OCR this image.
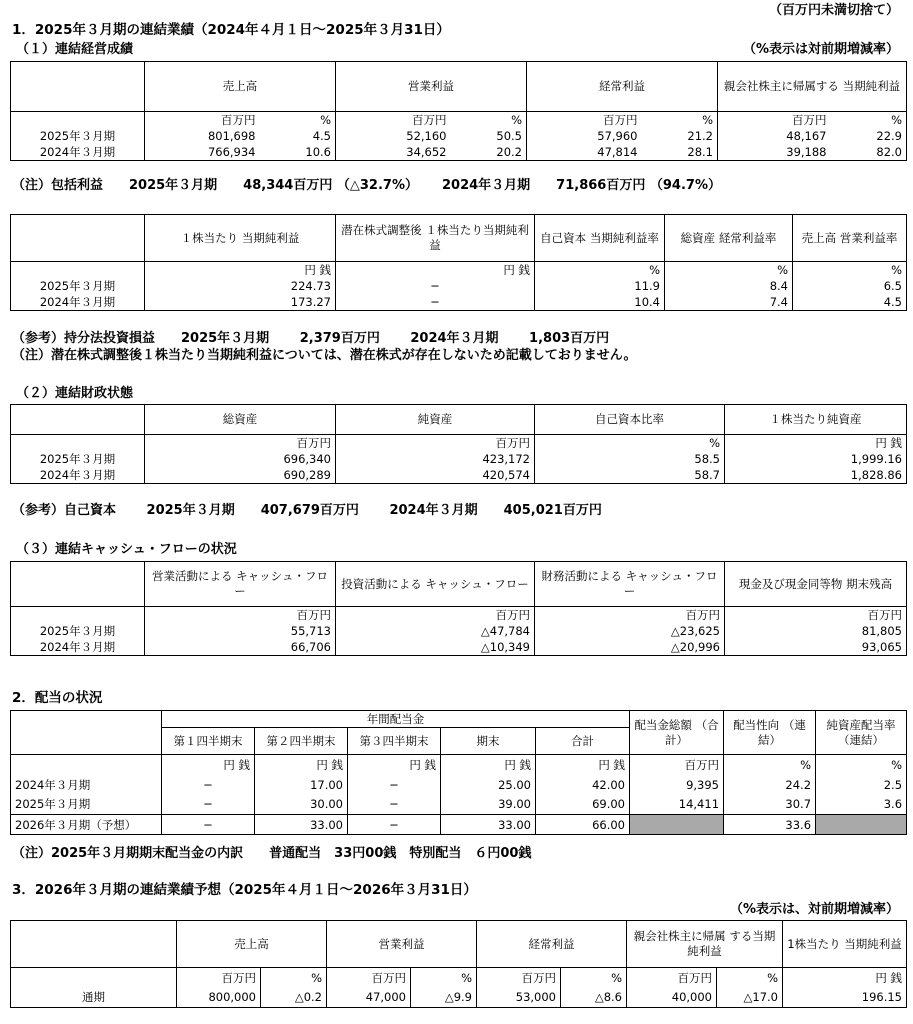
（百万円未満切捨て）
1．2025年３月期の連結業績（2024年４月１日～2025年３月31日）
（１）連結経営成績	（%表示は対前期増減率）
	売上高		営業利益		経常利益		親会社株主に帰属する 当期純利益	
	百万円	%	百万円	%	百万円	%	百万円	%
2025年３月期	801,698	4.5	52,160	50.5	57,960	21.2	48,167	22.9
2024年３月期	766,934	10.6	34,652	20.2	47,814	28.1	39,188	82.0
（注）包括利益　　2025年３月期　　48,344百万円 （△32.7%）　　 2024年３月期　　71,866百万円 （94.7%）
	１株当たり 当期純利益	潜在株式調整後 １株当たり当期純利益	自己資本 当期純利益率	総資産 経常利益率	売上高 営業利益率
	円 銭	円 銭	%	%	%
2025年３月期	224.73	─	11.9	8.4	6.5
2024年３月期	173.27	─	10.4	7.4	4.5
（参考）持分法投資損益　　2025年３月期　　 2,379百万円　　 2024年３月期　　 1,803百万円
（注）潜在株式調整後１株当たり当期純利益については、潜在株式が存在しないため記載しておりません。
（２）連結財政状態
	総資産	純資産	自己資本比率	１株当たり純資産
	百万円	百万円	%	円 銭
2025年３月期	696,340	423,172	58.5	1,999.16
2024年３月期	690,289	420,574	58.7	1,828.86
（参考）自己資本　　 2025年３月期　　407,679百万円　　 2024年３月期　　405,021百万円
（３）連結キャッシュ・フローの状況
	営業活動による キャッシュ・フロー	投資活動による キャッシュ・フロー	財務活動による キャッシュ・フロー	現金及び現金同等物 期末残高
	百万円	百万円	百万円	百万円
2025年３月期	55,713	△47,784	△23,625	81,805
2024年３月期	66,706	△10,349	△20,996	93,065
2．配当の状況
	年間配当金					配当金総額 （合計）	配当性向 （連結）	純資産配当率 （連結）
	第１四半期末	第２四半期末	第３四半期末	期末	合計			
	円 銭	円 銭	円 銭	円 銭	円 銭	百万円	%	%
2024年３月期	─	17.00	─	25.00	42.00	9,395	24.2	2.5
2025年３月期	─	30.00	─	39.00	69.00	14,411	30.7	3.6
2026年３月期（予想）	─	33.00	─	33.00	66.00		33.6	
（注）2025年３月期期末配当金の内訳　　普通配当　33円00銭　特別配当　６円00銭
3．2026年３月期の連結業績予想（2025年４月１日～2026年３月31日）
（%表示は、対前期増減率）
	売上高		営業利益		経常利益		親会社株主に帰属 する当期純利益		1株当たり 当期純利益
	百万円	%	百万円	%	百万円	%	百万円	%	円 銭
通期	800,000	△0.2	47,000	△9.9	53,000	△8.6	40,000	△17.0	196.15
